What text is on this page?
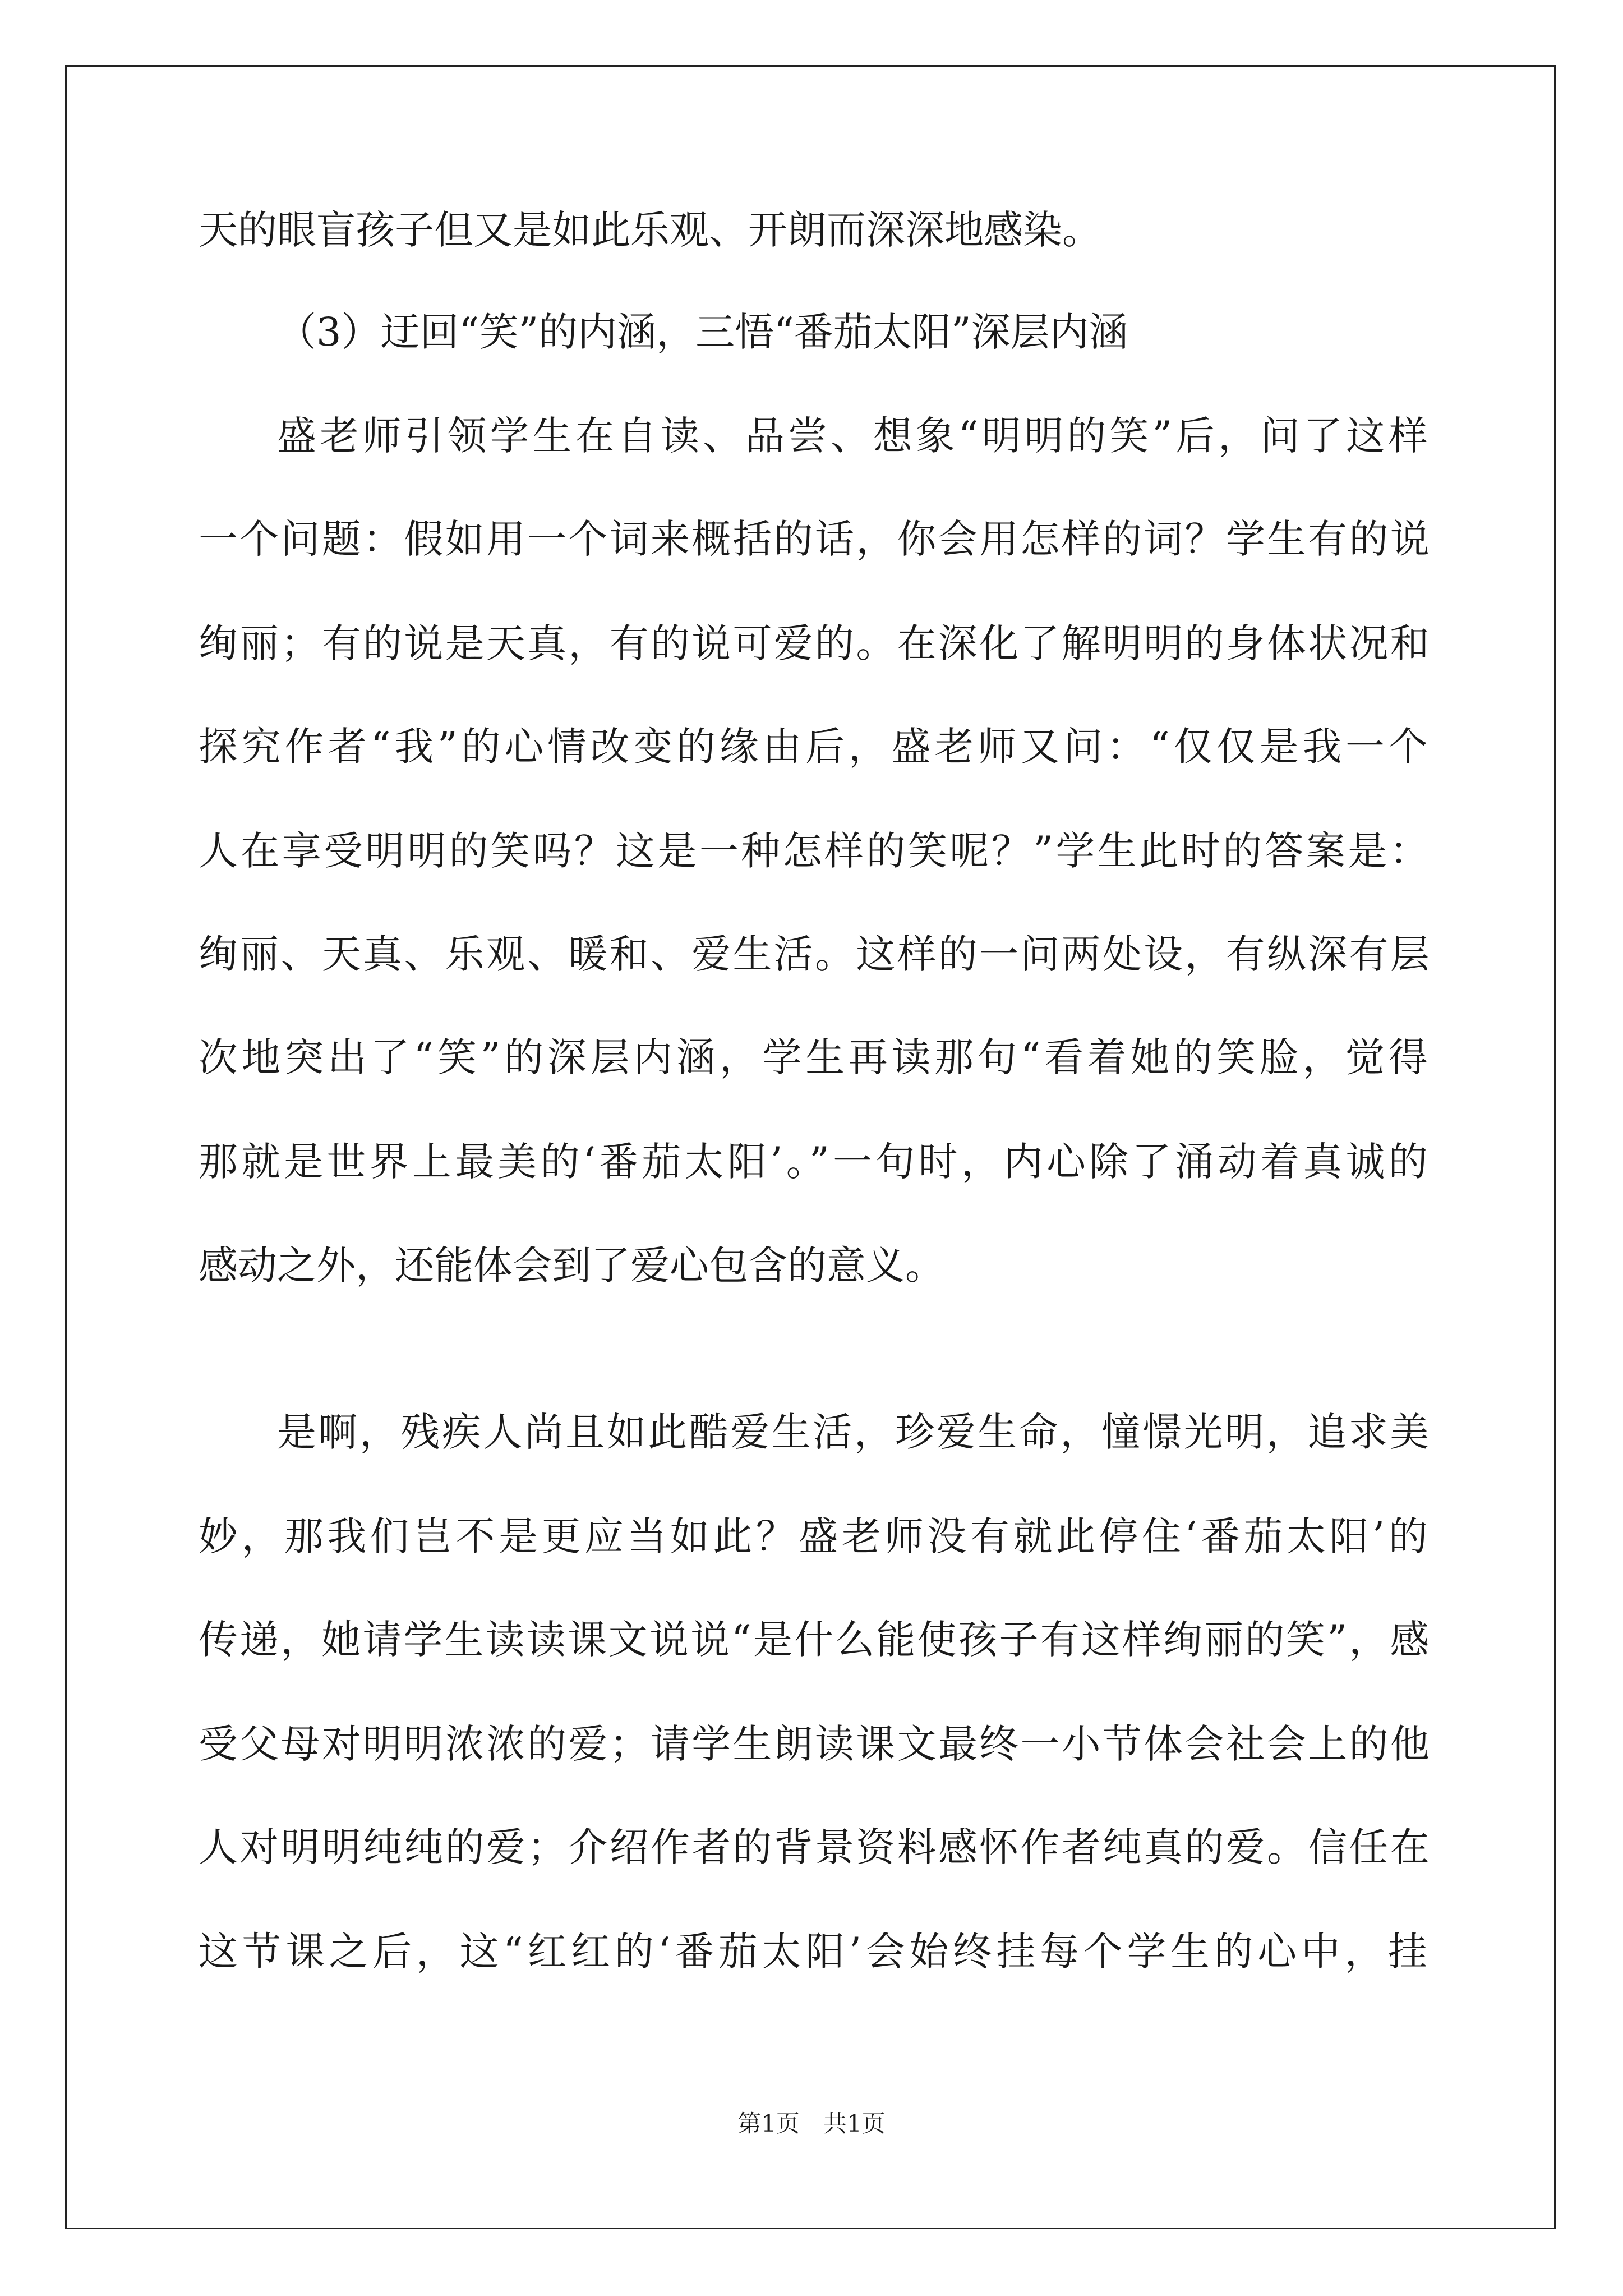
天的眼盲孩子但又是如此乐观、开朗而深深地感染。
（3）迂回“笑”的内涵，三悟“番茄太阳”深层内涵
盛老师引领学生在自读、品尝、想象“明明的笑”后，问了这样
一个问题：假如用一个词来概括的话，你会用怎样的词？学生有的说
绚丽；有的说是天真，有的说可爱的。在深化了解明明的身体状况和
探究作者“我”的心情改变的缘由后，盛老师又问：“仅仅是我一个
人在享受明明的笑吗？这是一种怎样的笑呢？”学生此时的答案是：
绚丽、天真、乐观、暖和、爱生活。这样的一问两处设，有纵深有层
次地突出了“笑”的深层内涵，学生再读那句“看着她的笑脸，觉得
那就是世界上最美的‘番茄太阳’。”一句时，内心除了涌动着真诚的
感动之外，还能体会到了爱心包含的意义。
是啊，残疾人尚且如此酷爱生活，珍爱生命，憧憬光明，追求美
妙，那我们岂不是更应当如此？盛老师没有就此停住‘番茄太阳’的
传递，她请学生读读课文说说“是什么能使孩子有这样绚丽的笑”，感
受父母对明明浓浓的爱；请学生朗读课文最终一小节体会社会上的他
人对明明纯纯的爱；介绍作者的背景资料感怀作者纯真的爱。信任在
这节课之后，这“红红的‘番茄太阳’会始终挂每个学生的心中，挂
第1页　共1页
